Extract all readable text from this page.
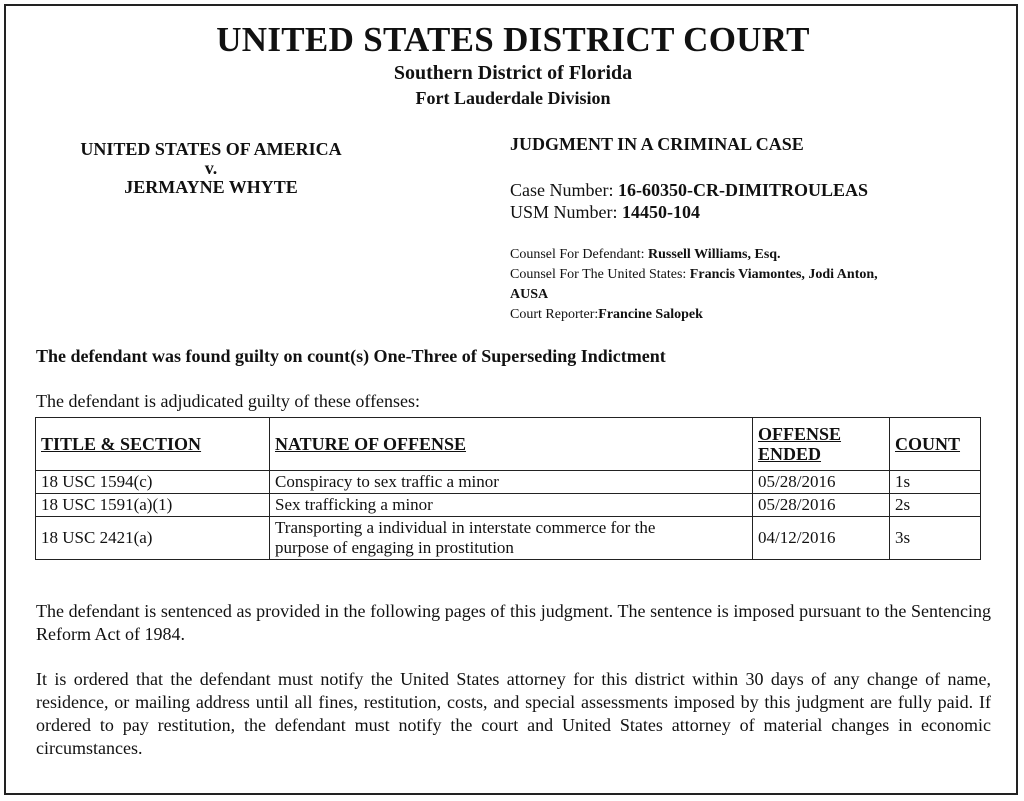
UNITED STATES DISTRICT COURT
Southern District of Florida
Fort Lauderdale Division
UNITED STATES OF AMERICA
v.
JERMAYNE WHYTE
JUDGMENT IN A CRIMINAL CASE
Case Number: 16-60350-CR-DIMITROULEAS
USM Number: 14450-104
Counsel For Defendant: Russell Williams, Esq.
Counsel For The United States: Francis Viamontes, Jodi Anton,
AUSA
Court Reporter:Francine Salopek
The defendant was found guilty on count(s) One-Three of Superseding Indictment
The defendant is adjudicated guilty of these offenses:
TITLE & SECTION	NATURE OF OFFENSE	OFFENSE
ENDED	COUNT
18 USC 1594(c)	Conspiracy to sex traffic a minor	05/28/2016	1s
18 USC 1591(a)(1)	Sex trafficking a minor	05/28/2016	2s
18 USC 2421(a)	Transporting a individual in interstate commerce for the
purpose of engaging in prostitution	04/12/2016	3s
The defendant is sentenced as provided in the following pages of this judgment. The sentence is imposed pursuant to the Sentencing Reform Act of 1984.
It is ordered that the defendant must notify the United States attorney for this district within 30 days of any change of name, residence, or mailing address until all fines, restitution, costs, and special assessments imposed by this judgment are fully paid. If ordered to pay restitution, the defendant must notify the court and United States attorney of material changes in economic circumstances.
